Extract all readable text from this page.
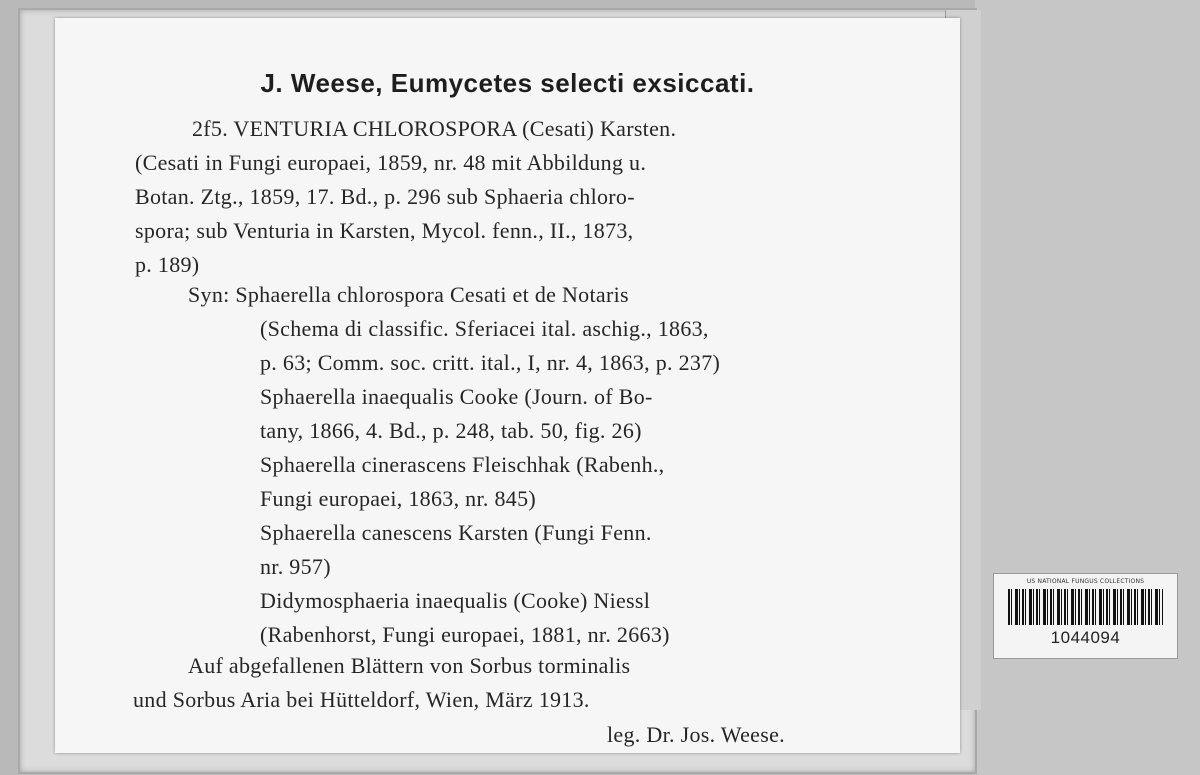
J. Weese, Eumycetes selecti exsiccati.
2f5. VENTURIA CHLOROSPORA (Cesati) Karsten.
(Cesati in Fungi europaei, 1859, nr. 48 mit Abbildung u.
Botan. Ztg., 1859, 17. Bd., p. 296 sub Sphaeria chloro-
spora; sub Venturia in Karsten, Mycol. fenn., II., 1873,
p. 189)
Syn: Sphaerella chlorospora Cesati et de Notaris
(Schema di classific. Sferiacei ital. aschig., 1863,
p. 63; Comm. soc. critt. ital., I, nr. 4, 1863, p. 237)
Sphaerella inaequalis Cooke (Journ. of Bo-
tany, 1866, 4. Bd., p. 248, tab. 50, fig. 26)
Sphaerella cinerascens Fleischhak (Rabenh.,
Fungi europaei, 1863, nr. 845)
Sphaerella canescens Karsten (Fungi Fenn.
nr. 957)
Didymosphaeria inaequalis (Cooke) Niessl
(Rabenhorst, Fungi europaei, 1881, nr. 2663)
Auf abgefallenen Blättern von Sorbus torminalis
und Sorbus Aria bei Hütteldorf, Wien, März 1913.
leg. Dr. Jos. Weese.
US NATIONAL FUNGUS COLLECTIONS
1044094
